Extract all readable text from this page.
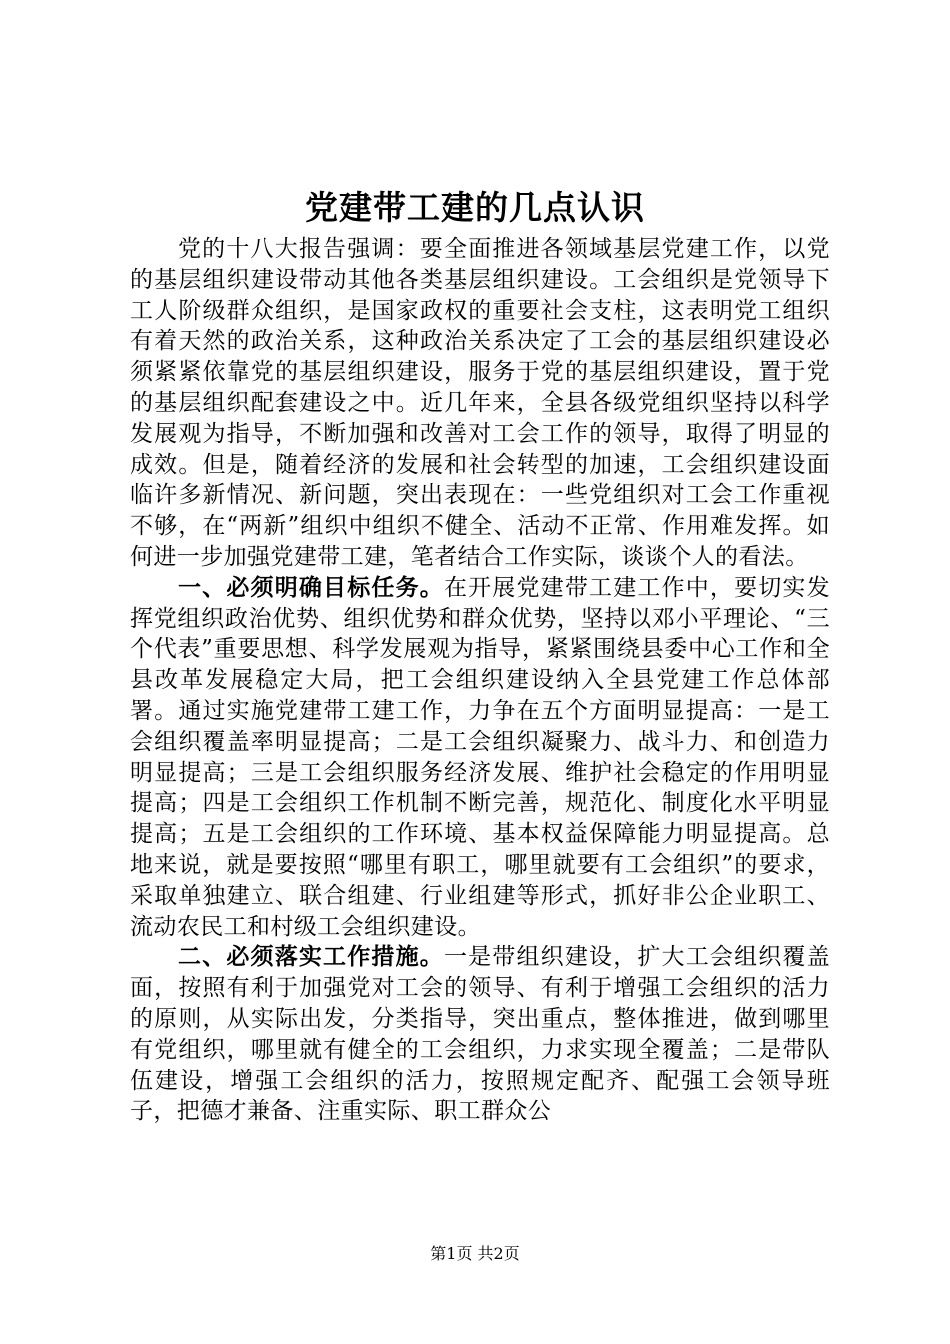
党建带工建的几点认识

党的十八大报告强调：要全面推进各领域基层党建工作，以党的基层组织建设带动其他各类基层组织建设。工会组织是党领导下工人阶级群众组织，是国家政权的重要社会支柱，这表明党工组织有着天然的政治关系，这种政治关系决定了工会的基层组织建设必须紧紧依靠党的基层组织建设，服务于党的基层组织建设，置于党的基层组织配套建设之中。近几年来，全县各级党组织坚持以科学发展观为指导，不断加强和改善对工会工作的领导，取得了明显的成效。但是，随着经济的发展和社会转型的加速，工会组织建设面临许多新情况、新问题，突出表现在：一些党组织对工会工作重视不够，在“两新”组织中组织不健全、活动不正常、作用难发挥。如何进一步加强党建带工建，笔者结合工作实际，谈谈个人的看法。

一、必须明确目标任务。在开展党建带工建工作中，要切实发挥党组织政治优势、组织优势和群众优势，坚持以邓小平理论、“三个代表”重要思想、科学发展观为指导，紧紧围绕县委中心工作和全县改革发展稳定大局，把工会组织建设纳入全县党建工作总体部署。通过实施党建带工建工作，力争在五个方面明显提高：一是工会组织覆盖率明显提高；二是工会组织凝聚力、战斗力、和创造力明显提高；三是工会组织服务经济发展、维护社会稳定的作用明显提高；四是工会组织工作机制不断完善，规范化、制度化水平明显提高；五是工会组织的工作环境、基本权益保障能力明显提高。总地来说，就是要按照“哪里有职工，哪里就要有工会组织”的要求，采取单独建立、联合组建、行业组建等形式，抓好非公企业职工、流动农民工和村级工会组织建设。

二、必须落实工作措施。一是带组织建设，扩大工会组织覆盖面，按照有利于加强党对工会的领导、有利于增强工会组织的活力的原则，从实际出发，分类指导，突出重点，整体推进，做到哪里有党组织，哪里就有健全的工会组织，力求实现全覆盖；二是带队伍建设，增强工会组织的活力，按照规定配齐、配强工会领导班子，把德才兼备、注重实际、职工群众公

第1页 共2页
